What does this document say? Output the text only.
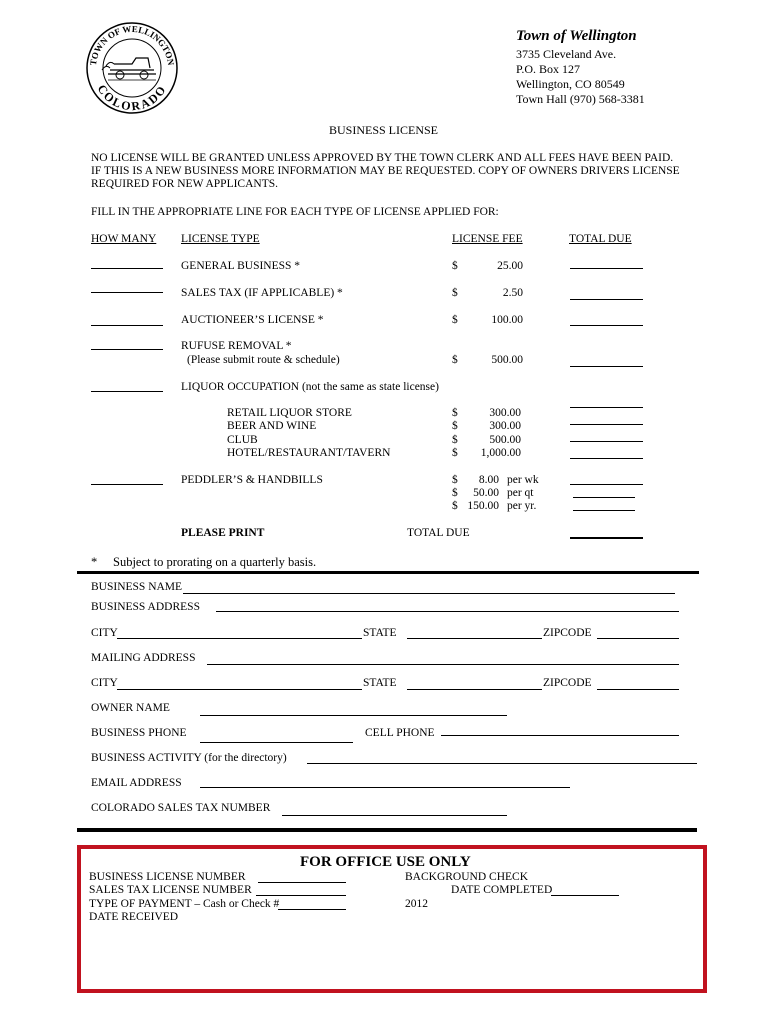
TOWN OF WELLINGTON
COLORADO
Town of Wellington
3735 Cleveland Ave.
P.O. Box 127
Wellington, CO 80549
Town Hall (970) 568-3381
BUSINESS LICENSE
NO LICENSE WILL BE GRANTED UNLESS APPROVED BY THE TOWN CLERK AND ALL FEES HAVE BEEN PAID.
IF THIS IS A NEW BUSINESS MORE INFORMATION MAY BE REQUESTED. COPY OF OWNERS DRIVERS LICENSE
REQUIRED FOR NEW APPLICANTS.
FILL IN THE APPROPRIATE LINE FOR EACH TYPE OF LICENSE APPLIED FOR:
HOW MANY LICENSE TYPE	LICENSE FEE	TOTAL DUE
GENERAL BUSINESS *	$	25.00
SALES TAX (IF APPLICABLE) *	$	2.50
AUCTIONEER’S LICENSE *	$	100.00
RUFUSE REMOVAL *
(Please submit route & schedule)	$	500.00
LIQUOR OCCUPATION (not the same as state license)
RETAIL LIQUOR STORE	$	300.00
BEER AND WINE	$	300.00
CLUB	$	500.00
HOTEL/RESTAURANT/TAVERN	$	1,000.00
PEDDLER’S & HANDBILLS	$	8.00 per wk
$	50.00 per qt
$ 150.00 per yr.
PLEASE PRINT	TOTAL DUE
* Subject to prorating on a quarterly basis.
BUSINESS NAME
BUSINESS ADDRESS
CITY	STATE	ZIPCODE
MAILING ADDRESS
CITY	STATE	ZIPCODE
OWNER NAME
BUSINESS PHONE	CELL PHONE
BUSINESS ACTIVITY (for the directory)
EMAIL ADDRESS
COLORADO SALES TAX NUMBER
FOR OFFICE USE ONLY
BUSINESS LICENSE NUMBER
SALES TAX LICENSE NUMBER
TYPE OF PAYMENT – Cash or Check #
DATE RECEIVED
BACKGROUND CHECK
DATE COMPLETED
2012
